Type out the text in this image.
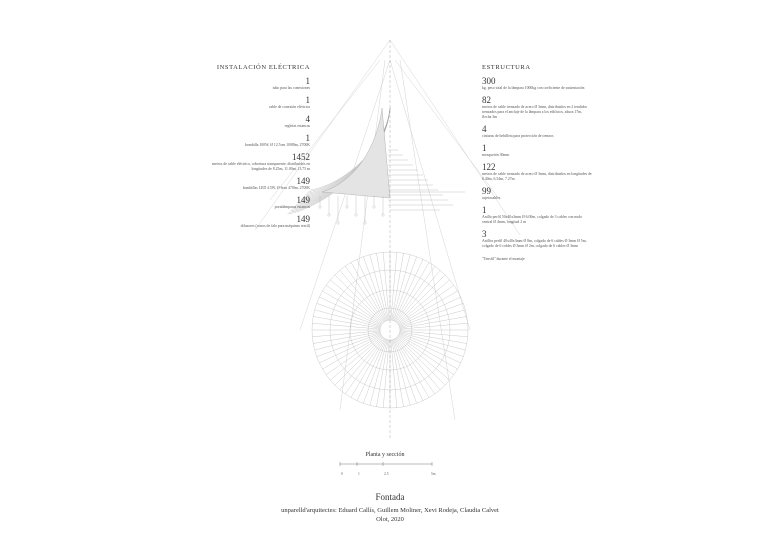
INSTALACIÓN ELÉCTRICA
1
tubo para las conexiones
1
cable de conexión eléctrica
4
regletas estancas
1
bombilla 100W, Ø 12.5cm 1008lm, 2700K
1452
metros de cable eléctrico, cobertura transparente, distribuidos en longitudes de 8.25m, 11.00m, 13.75 m
149
bombillas LED 4.5W, Ø 6cm 470lm, 2700K
149
portalámparas estancos
149
difusores (conos de falo para máquinas textil)
ESTRUCTURA
300
kg. peso total de la lámpara 1000kg con coeficiente de sustentación
82
metros de cable trenzado de acero Ø 3mm, distribuidos en 2 tendidos trenzados para el anclaje de la lámpara a los edificios, altura 17m, flecha 3m
4
cinturas de hebilleta para protección de trenzos
1
mosquetón 30mm
122
metros de cable trenzado de acero Ø 3mm, distribuidos en longitudes de 6.40m, 6.54m, 7.27m
99
sujetacables
1
Anillo perfil 50x40x3mm Ø 6.00m, colgado de 3 cables con nudo central Ø 4mm, longitud 2 m
3
Anillos perfil 40x40x3mm Ø 8m, colgado de 6 cables Ø 3mm Ø 5m, colgado de 6 cables Ø 3mm Ø 2m, colgado de 6 cables Ø 3mm
"Tensfil" durante el montaje
Planta y sección
0	1	2.5	5m
Fontada
unparelld'arquitectes: Eduard Callís, Guillem Moliner, Xevi Rodeja, Claudia Calvet
Olot, 2020
